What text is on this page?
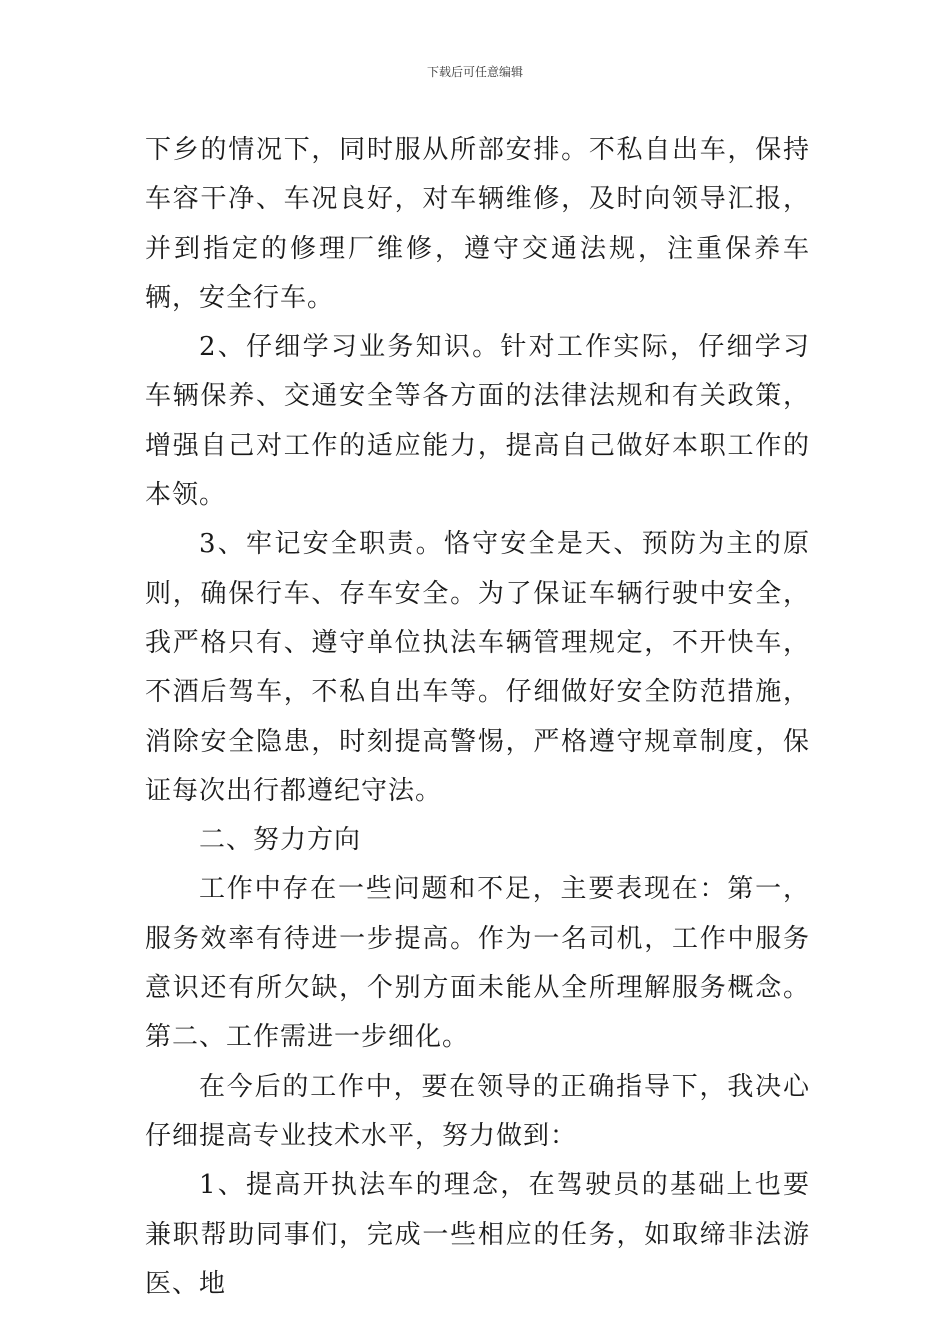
下载后可任意编辑

下乡的情况下，同时服从所部安排。不私自出车，保持车容干净、车况良好，对车辆维修，及时向领导汇报，并到指定的修理厂维修，遵守交通法规，注重保养车辆，安全行车。

2、仔细学习业务知识。针对工作实际，仔细学习车辆保养、交通安全等各方面的法律法规和有关政策，增强自己对工作的适应能力，提高自己做好本职工作的本领。

3、牢记安全职责。恪守安全是天、预防为主的原则，确保行车、存车安全。为了保证车辆行驶中安全，我严格只有、遵守单位执法车辆管理规定，不开快车，不酒后驾车，不私自出车等。仔细做好安全防范措施，消除安全隐患，时刻提高警惕，严格遵守规章制度，保证每次出行都遵纪守法。

二、努力方向

工作中存在一些问题和不足，主要表现在：第一，服务效率有待进一步提高。作为一名司机，工作中服务意识还有所欠缺，个别方面未能从全所理解服务概念。第二、工作需进一步细化。

在今后的工作中，要在领导的正确指导下，我决心仔细提高专业技术水平，努力做到：

1、提高开执法车的理念，在驾驶员的基础上也要兼职帮助同事们，完成一些相应的任务，如取缔非法游医、地
